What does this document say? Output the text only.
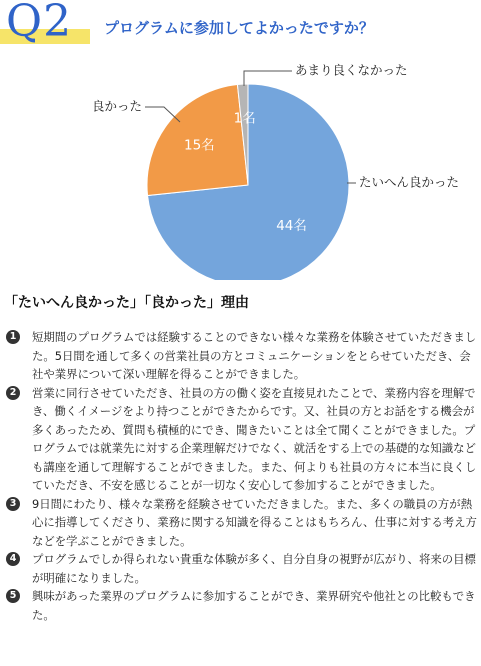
Q2 プログラムに参加してよかったですか？
44名
15名
1名
たいへん良かった
良かった
あまり良くなかった
「たいへん良かった」「良かった」理由
1	短期間のプログラムでは経験することのできない様々な業務を体験させていただきました。5日間を通して多くの営業社員の方とコミュニケーションをとらせていただき、会社や業界について深い理解を得ることができました。
2	営業に同行させていただき、社員の方の働く姿を直接見れたことで、業務内容を理解でき、働くイメージをより持つことができたからです。又、社員の方とお話をする機会が多くあったため、質問も積極的にでき、聞きたいことは全て聞くことができました。プログラムでは就業先に対する企業理解だけでなく、就活をする上での基礎的な知識なども講座を通して理解することができました。また、何よりも社員の方々に本当に良くしていただき、不安を感じることが一切なく安心して参加することができました。
3	9日間にわたり、様々な業務を経験させていただきました。また、多くの職員の方が熱心に指導してくださり、業務に関する知識を得ることはもちろん、仕事に対する考え方などを学ぶことができました。
4	プログラムでしか得られない貴重な体験が多く、自分自身の視野が広がり、将来の目標が明確になりました。
5	興味があった業界のプログラムに参加することができ、業界研究や他社との比較もできた。
